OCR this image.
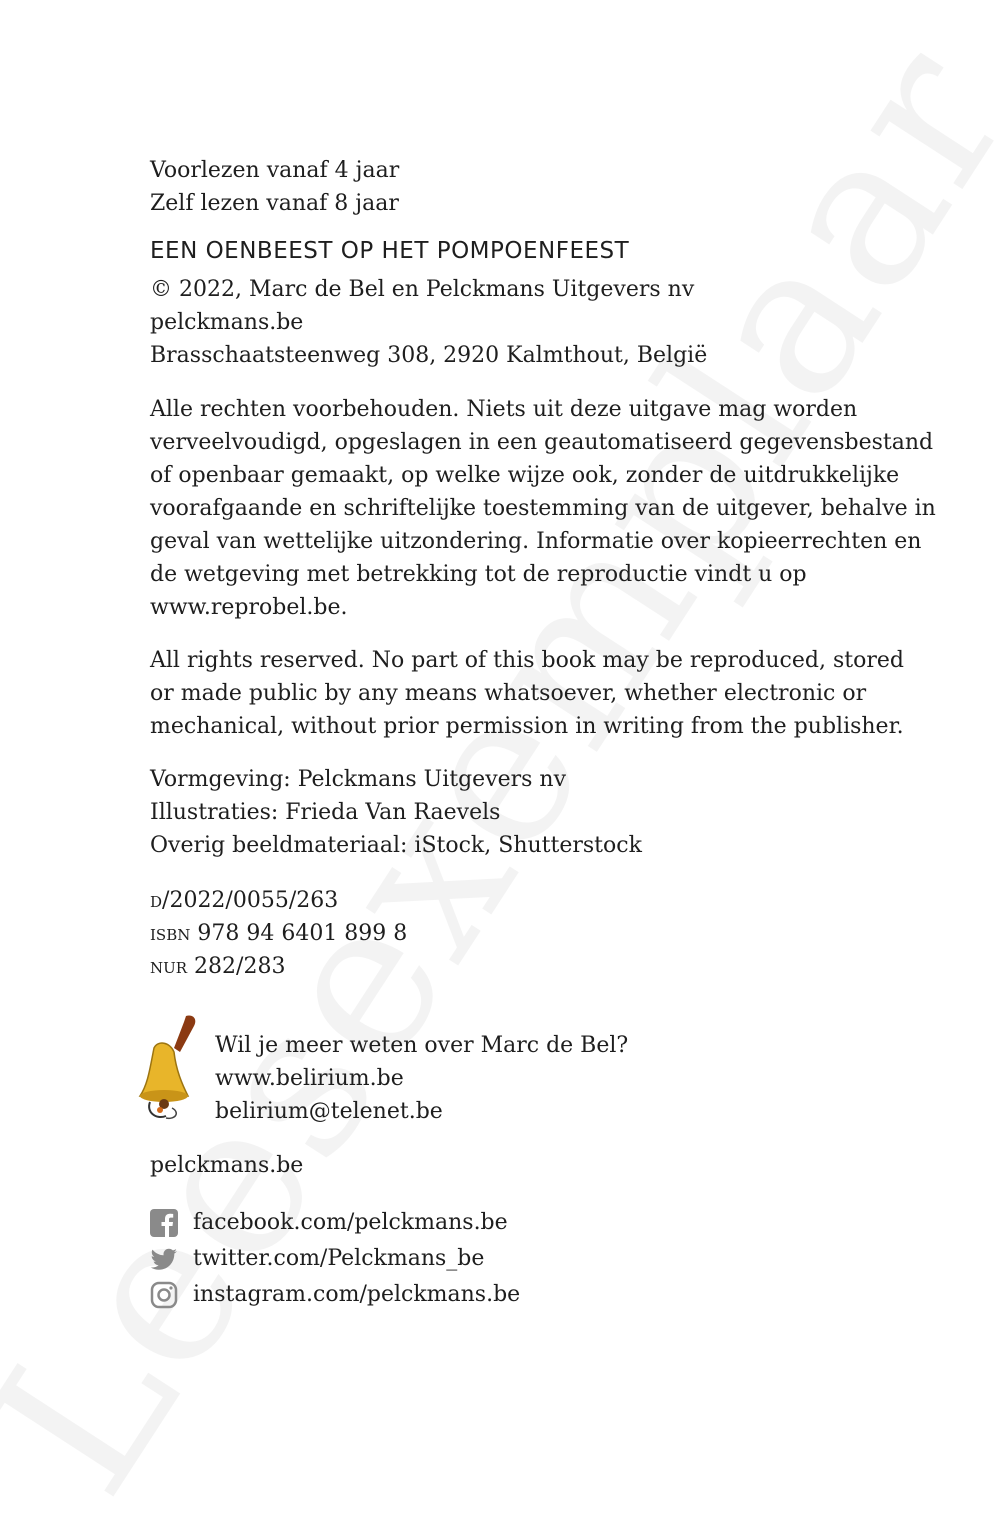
Voorlezen vanaf 4 jaar
Zelf lezen vanaf 8 jaar
EEN OENBEEST OP HET POMPOENFEEST
© 2022, Marc de Bel en Pelckmans Uitgevers nv
pelckmans.be
Brasschaatsteenweg 308, 2920 Kalmthout, België
Alle rechten voorbehouden. Niets uit deze uitgave mag worden
verveelvoudigd, opgeslagen in een geautomatiseerd gegevensbestand
of openbaar gemaakt, op welke wijze ook, zonder de uitdrukkelijke
voorafgaande en schriftelijke toestemming van de uitgever, behalve in
geval van wettelijke uitzondering. Informatie over kopieerrechten en
de wetgeving met betrekking tot de reproductie vindt u op
www.reprobel.be.
All rights reserved. No part of this book may be reproduced, stored
or made public by any means whatsoever, whether electronic or
mechanical, without prior permission in writing from the publisher.
Vormgeving: Pelckmans Uitgevers nv
Illustraties: Frieda Van Raevels
Overig beeldmateriaal: iStock, Shutterstock
d/2022/0055/263
isbn 978 94 6401 899 8
nur 282/283
Wil je meer weten over Marc de Bel?
www.belirium.be
belirium@telenet.be
pelckmans.be
facebook.com/pelckmans.be
twitter.com/Pelckmans_be
instagram.com/pelckmans.be
